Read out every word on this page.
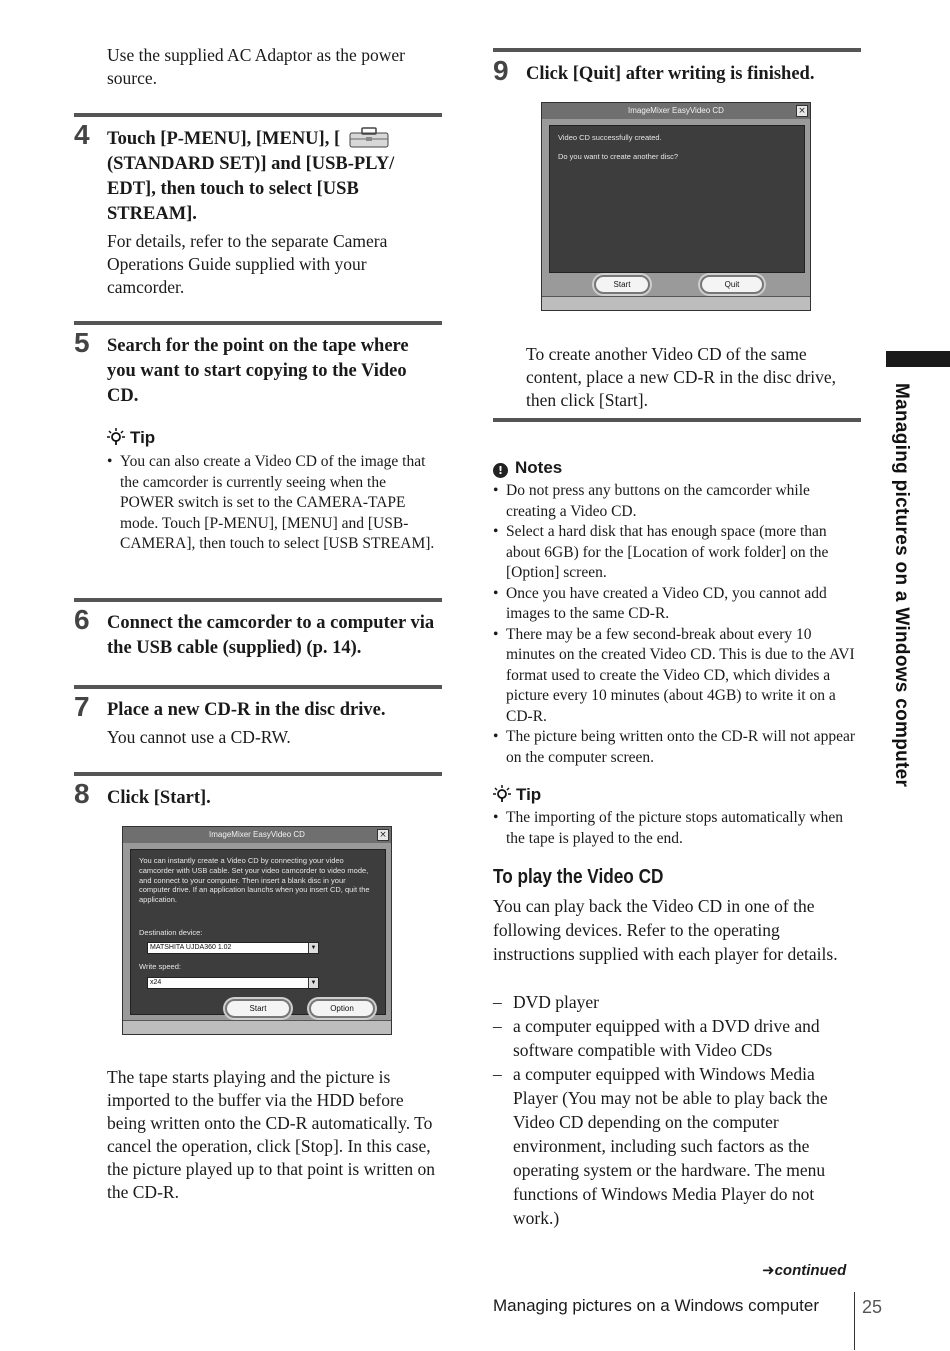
Use the supplied AC Adaptor as the power source.
4 Touch [P-MENU], [MENU], [
(STANDARD SET)] and [USB-PLY/ EDT], then touch to select [USB STREAM].
For details, refer to the separate Camera Operations Guide supplied with your camcorder.
5 Search for the point on the tape where you want to start copying to the Video CD.
Tip
• You can also create a Video CD of the image that the camcorder is currently seeing when the POWER switch is set to the CAMERA-TAPE mode. Touch [P-MENU], [MENU] and [USB-CAMERA], then touch to select [USB STREAM].
6 Connect the camcorder to a computer via the USB cable (supplied) (p. 14).
7 Place a new CD-R in the disc drive.
You cannot use a CD-RW.
8 Click [Start].
ImageMixer EasyVideo CD	×
You can instantly create a Video CD by connecting your video camcorder with USB cable. Set your video camcorder to video mode, and connect to your computer. Then insert a blank disc in your computer drive. If an application launchs when you insert CD, quit the application.
Destination device:
MATSHITA UJDA360 1.02	▼
Write speed:
x24	▼
Start	Option
The tape starts playing and the picture is imported to the buffer via the HDD before being written onto the CD-R automatically. To cancel the operation, click [Stop]. In this case, the picture played up to that point is written on the CD-R.
9 Click [Quit] after writing is finished.
ImageMixer EasyVideo CD	×
Video CD successfully created.
Do you want to create another disc?
Start	Quit
To create another Video CD of the same content, place a new CD-R in the disc drive, then click [Start].
! Notes
• Do not press any buttons on the camcorder while creating a Video CD.
• Select a hard disk that has enough space (more than about 6GB) for the [Location of work folder] on the [Option] screen.
• Once you have created a Video CD, you cannot add images to the same CD-R.
• There may be a few second-break about every 10 minutes on the created Video CD. This is due to the AVI format used to create the Video CD, which divides a picture every 10 minutes (about 4GB) to write it on a CD-R.
• The picture being written onto the CD-R will not appear on the computer screen.
Tip
• The importing of the picture stops automatically when the tape is played to the end.
To play the Video CD
You can play back the Video CD in one of the following devices. Refer to the operating instructions supplied with each player for details.
– DVD player
– a computer equipped with a DVD drive and software compatible with Video CDs
– a computer equipped with Windows Media Player (You may not be able to play back the Video CD depending on the computer environment, including such factors as the operating system or the hardware. The menu functions of Windows Media Player do not work.)
Managing pictures on a Windows computer
➜continued
Managing pictures on a Windows computer 25
